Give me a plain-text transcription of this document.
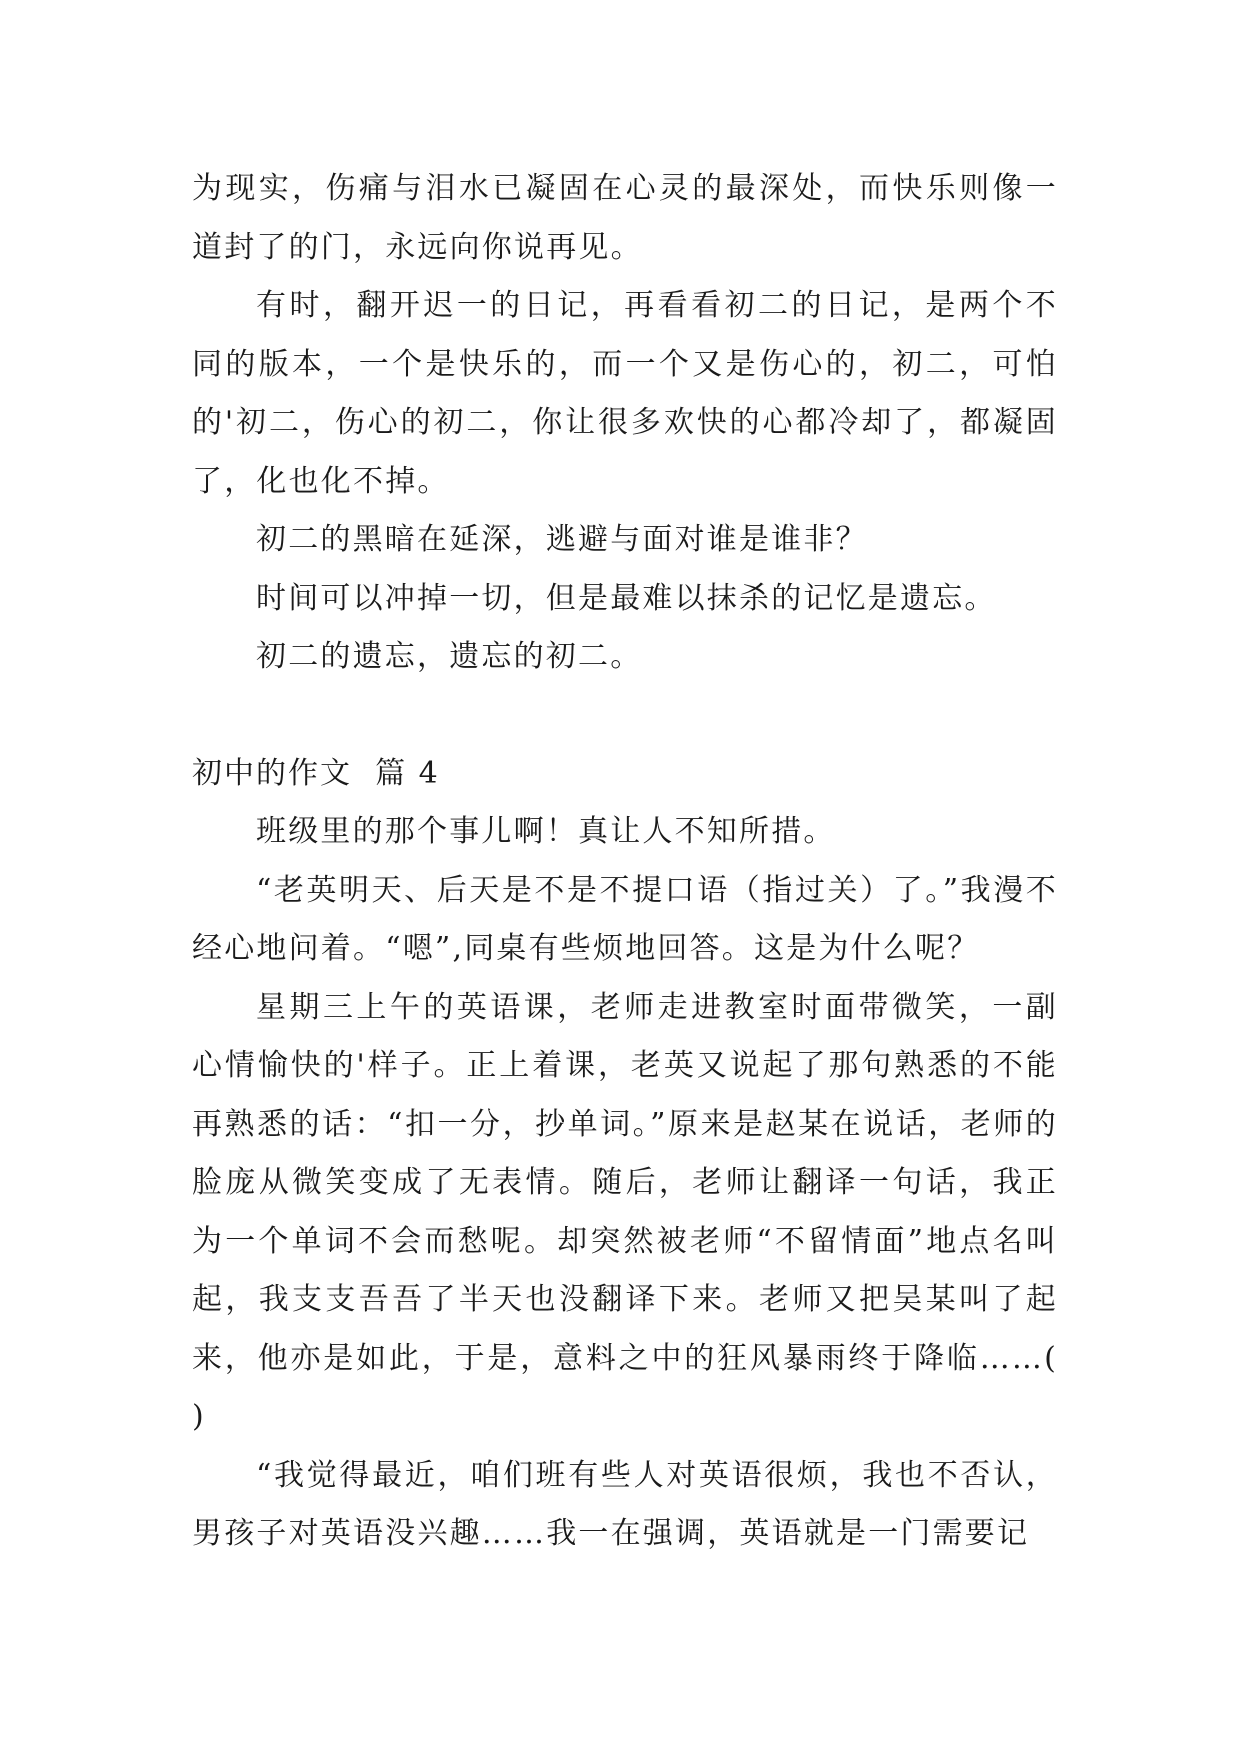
为现实，伤痛与泪水已凝固在心灵的最深处，而快乐则像一道封了的门，永远向你说再见。

有时，翻开迟一的日记，再看看初二的日记，是两个不同的版本，一个是快乐的，而一个又是伤心的，初二，可怕的'初二，伤心的初二，你让很多欢快的心都冷却了，都凝固了，化也化不掉。

初二的黑暗在延深，逃避与面对谁是谁非？

时间可以冲掉一切，但是最难以抹杀的记忆是遗忘。

初二的遗忘，遗忘的初二。

初中的作文  篇 4

班级里的那个事儿啊！真让人不知所措。

“老英明天、后天是不是不提口语（指过关）了。”我漫不经心地问着。“嗯”,同桌有些烦地回答。这是为什么呢？

星期三上午的英语课，老师走进教室时面带微笑，一副心情愉快的'样子。正上着课，老英又说起了那句熟悉的不能再熟悉的话：“扣一分，抄单词。”原来是赵某在说话，老师的脸庞从微笑变成了无表情。随后，老师让翻译一句话，我正为一个单词不会而愁呢。却突然被老师“不留情面”地点名叫起，我支支吾吾了半天也没翻译下来。老师又把吴某叫了起来，他亦是如此，于是，意料之中的狂风暴雨终于降临……( )

“我觉得最近，咱们班有些人对英语很烦，我也不否认，男孩子对英语没兴趣……我一在强调，英语就是一门需要记
